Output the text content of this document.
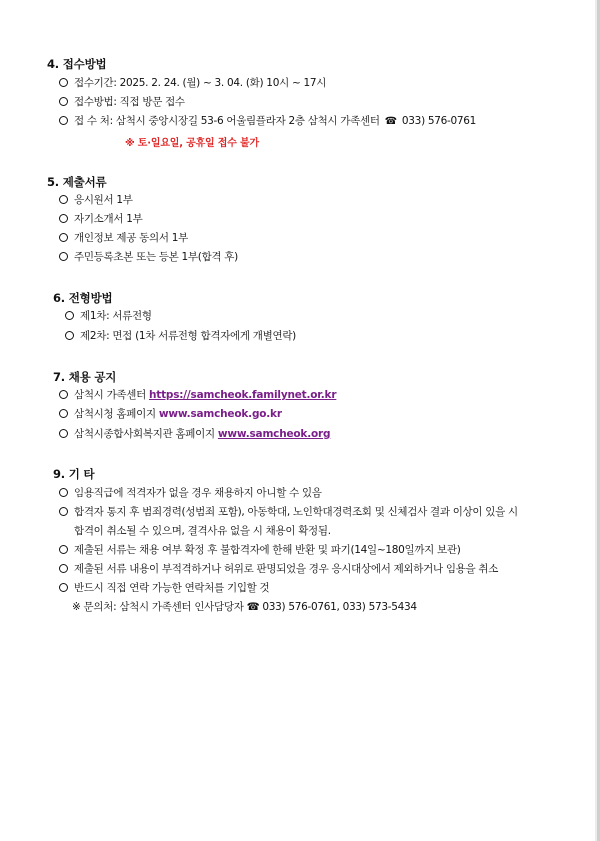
4. 접수방법
접수기간: 2025. 2. 24. (월) ~ 3. 04. (화) 10시 ~ 17시
접수방법: 직접 방문 접수
접 수 처: 삼척시 중앙시장길 53-6 어울림플라자 2층 삼척시 가족센터 ☎ 033) 576-0761
※ 토·일요일, 공휴일 접수 불가
5. 제출서류
응시원서 1부
자기소개서 1부
개인정보 제공 동의서 1부
주민등록초본 또는 등본 1부(합격 후)
6. 전형방법
제1차: 서류전형
제2차: 면접 (1차 서류전형 합격자에게 개별연락)
7. 채용 공지
삼척시 가족센터 https://samcheok.familynet.or.kr
삼척시청 홈페이지 www.samcheok.go.kr
삼척시종합사회복지관 홈페이지 www.samcheok.org
9. 기 타
임용직급에 적격자가 없을 경우 채용하지 아니할 수 있음
합격자 통지 후 범죄경력(성범죄 포함), 아동학대, 노인학대경력조회 및 신체검사 결과 이상이 있을 시
합격이 취소될 수 있으며, 결격사유 없을 시 채용이 확정됨.
제출된 서류는 채용 여부 확정 후 불합격자에 한해 반환 및 파기(14일~180일까지 보관)
제출된 서류 내용이 부적격하거나 허위로 판명되었을 경우 응시대상에서 제외하거나 임용을 취소
반드시 직접 연락 가능한 연락처를 기입할 것
※ 문의처: 삼척시 가족센터 인사담당자 ☎ 033) 576-0761, 033) 573-5434
